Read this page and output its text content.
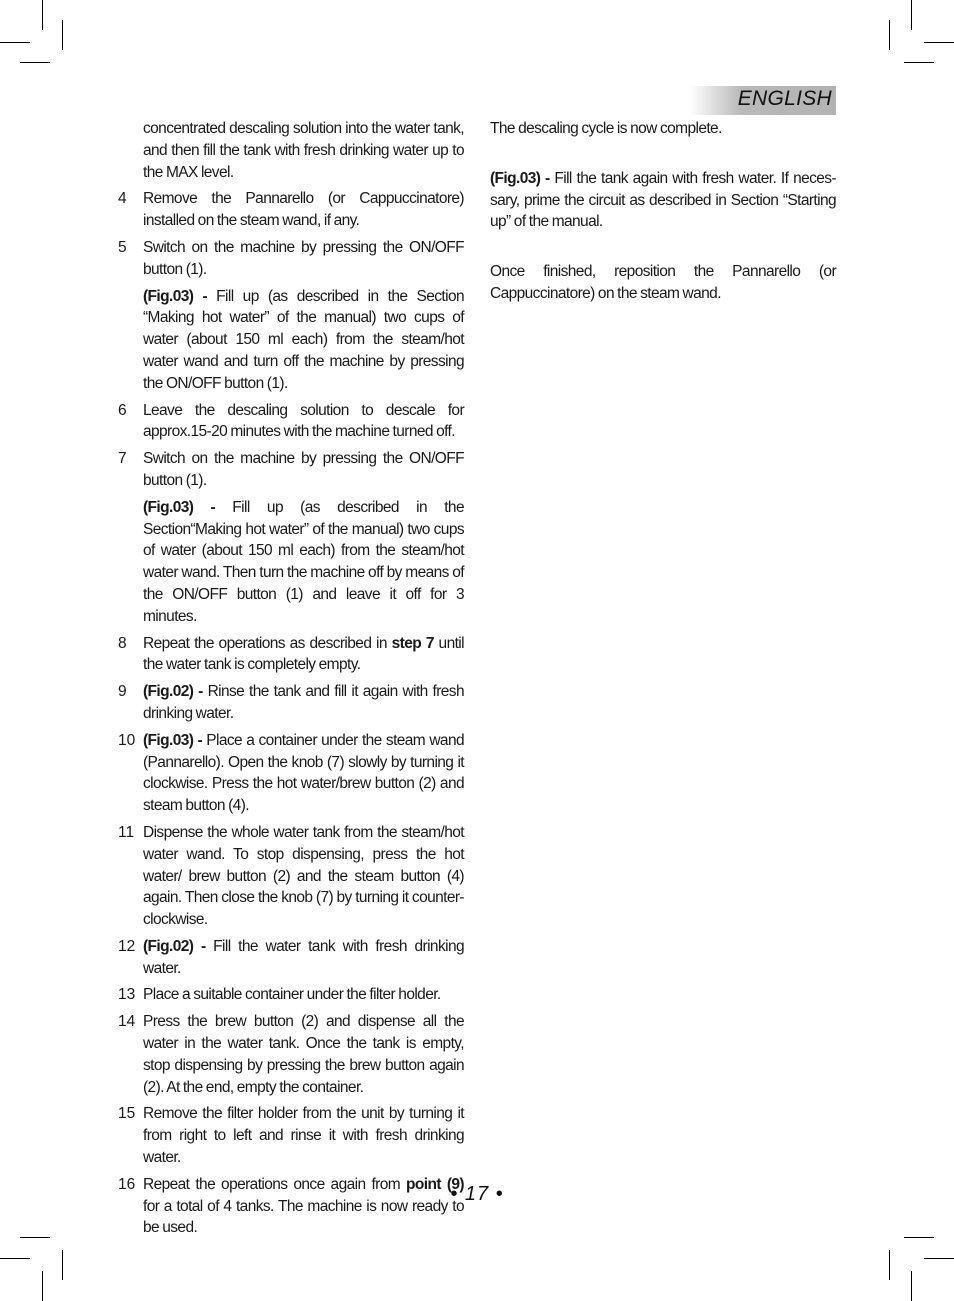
ENGLISH
concentrated descaling solution into the water tank, and then fill the tank with fresh drinking water up to the MAX level.
4	Remove the Pannarello (or Cappuccinatore) installed on the steam wand, if any.
5	Switch on the machine by pressing the ON/OFF button (1).
(Fig.03) - Fill up (as described in the Section “Making hot water” of the manual) two cups of water (about 150 ml each) from the steam/hot water wand and turn off the machine by pressing the ON/OFF button (1).
6	Leave the descaling solution to descale for approx.15-20 minutes with the machine turned off.
7	Switch on the machine by pressing the ON/OFF button (1).
(Fig.03) - Fill up (as described in the Section“Making hot water” of the manual) two cups of water (about 150 ml each) from the steam/hot water wand. Then turn the machine off by means of the ON/OFF button (1) and leave it off for 3 minutes.
8	Repeat the operations as described in step 7 until the water tank is completely empty.
9	(Fig.02) - Rinse the tank and fill it again with fresh drinking water.
10 (Fig.03) - Place a container under the steam wand (Pannarello). Open the knob (7) slowly by turning it clockwise. Press the hot water/brew button (2) and steam button (4).
11 Dispense the whole water tank from the steam/hot water wand. To stop dispensing, press the hot water/ brew button (2) and the steam button (4) again. Then close the knob (7) by turning it counter-clockwise.
12 (Fig.02) - Fill the water tank with fresh drinking water.
13 Place a suitable container under the filter holder.
14 Press the brew button (2) and dispense all the water in the water tank. Once the tank is empty, stop dispensing by pressing the brew button again (2). At the end, empty the container.
15 Remove the filter holder from the unit by turning it from right to left and rinse it with fresh drinking water.
16 Repeat the operations once again from point (9) for a total of 4 tanks. The machine is now ready to be used.
The descaling cycle is now complete.
(Fig.03) - Fill the tank again with fresh water. If neces-sary, prime the circuit as described in Section “Starting up” of the manual.
Once finished, reposition the Pannarello (or Cappuccinatore) on the steam wand.
• 17 •
